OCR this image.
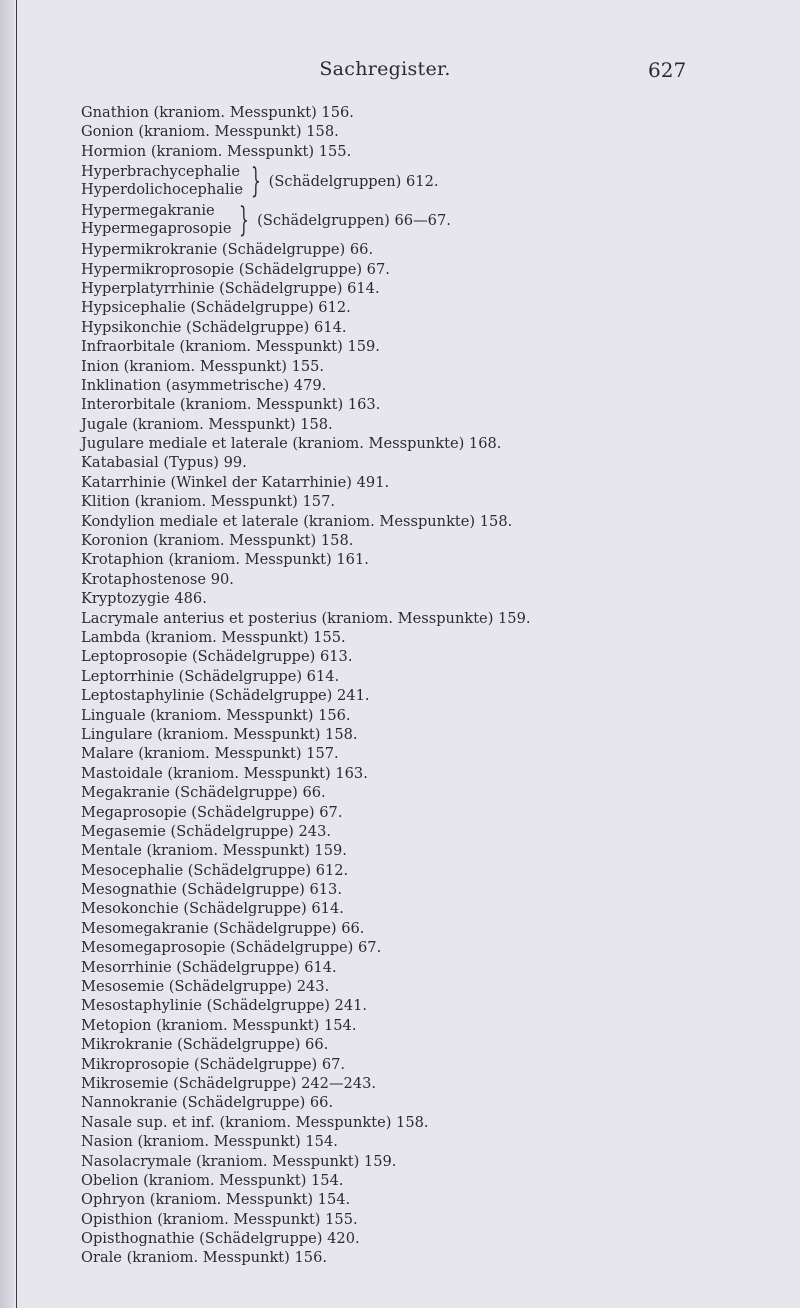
Sachregister.	627
Gnathion (kraniom. Messpunkt) 156.
Gonion (kraniom. Messpunkt) 158.
Hormion (kraniom. Messpunkt) 155.
Hyperbrachycephalie
Hyperdolichocephalie } (Schädelgruppen) 612.
Hypermegakranie
Hypermegaprosopie } (Schädelgruppen) 66—67.
Hypermikrokranie (Schädelgruppe) 66.
Hypermikroprosopie (Schädelgruppe) 67.
Hyperplatyrrhinie (Schädelgruppe) 614.
Hypsicephalie (Schädelgruppe) 612.
Hypsikonchie (Schädelgruppe) 614.
Infraorbitale (kraniom. Messpunkt) 159.
Inion (kraniom. Messpunkt) 155.
Inklination (asymmetrische) 479.
Interorbitale (kraniom. Messpunkt) 163.
Jugale (kraniom. Messpunkt) 158.
Jugulare mediale et laterale (kraniom. Messpunkte) 168.
Katabasial (Typus) 99.
Katarrhinie (Winkel der Katarrhinie) 491.
Klition (kraniom. Messpunkt) 157.
Kondylion mediale et laterale (kraniom. Messpunkte) 158.
Koronion (kraniom. Messpunkt) 158.
Krotaphion (kraniom. Messpunkt) 161.
Krotaphostenose 90.
Kryptozygie 486.
Lacrymale anterius et posterius (kraniom. Messpunkte) 159.
Lambda (kraniom. Messpunkt) 155.
Leptoprosopie (Schädelgruppe) 613.
Leptorrhinie (Schädelgruppe) 614.
Leptostaphylinie (Schädelgruppe) 241.
Linguale (kraniom. Messpunkt) 156.
Lingulare (kraniom. Messpunkt) 158.
Malare (kraniom. Messpunkt) 157.
Mastoidale (kraniom. Messpunkt) 163.
Megakranie (Schädelgruppe) 66.
Megaprosopie (Schädelgruppe) 67.
Megasemie (Schädelgruppe) 243.
Mentale (kraniom. Messpunkt) 159.
Mesocephalie (Schädelgruppe) 612.
Mesognathie (Schädelgruppe) 613.
Mesokonchie (Schädelgruppe) 614.
Mesomegakranie (Schädelgruppe) 66.
Mesomegaprosopie (Schädelgruppe) 67.
Mesorrhinie (Schädelgruppe) 614.
Mesosemie (Schädelgruppe) 243.
Mesostaphylinie (Schädelgruppe) 241.
Metopion (kraniom. Messpunkt) 154.
Mikrokranie (Schädelgruppe) 66.
Mikroprosopie (Schädelgruppe) 67.
Mikrosemie (Schädelgruppe) 242—243.
Nannokranie (Schädelgruppe) 66.
Nasale sup. et inf. (kraniom. Messpunkte) 158.
Nasion (kraniom. Messpunkt) 154.
Nasolacrymale (kraniom. Messpunkt) 159.
Obelion (kraniom. Messpunkt) 154.
Ophryon (kraniom. Messpunkt) 154.
Opisthion (kraniom. Messpunkt) 155.
Opisthognathie (Schädelgruppe) 420.
Orale (kraniom. Messpunkt) 156.
